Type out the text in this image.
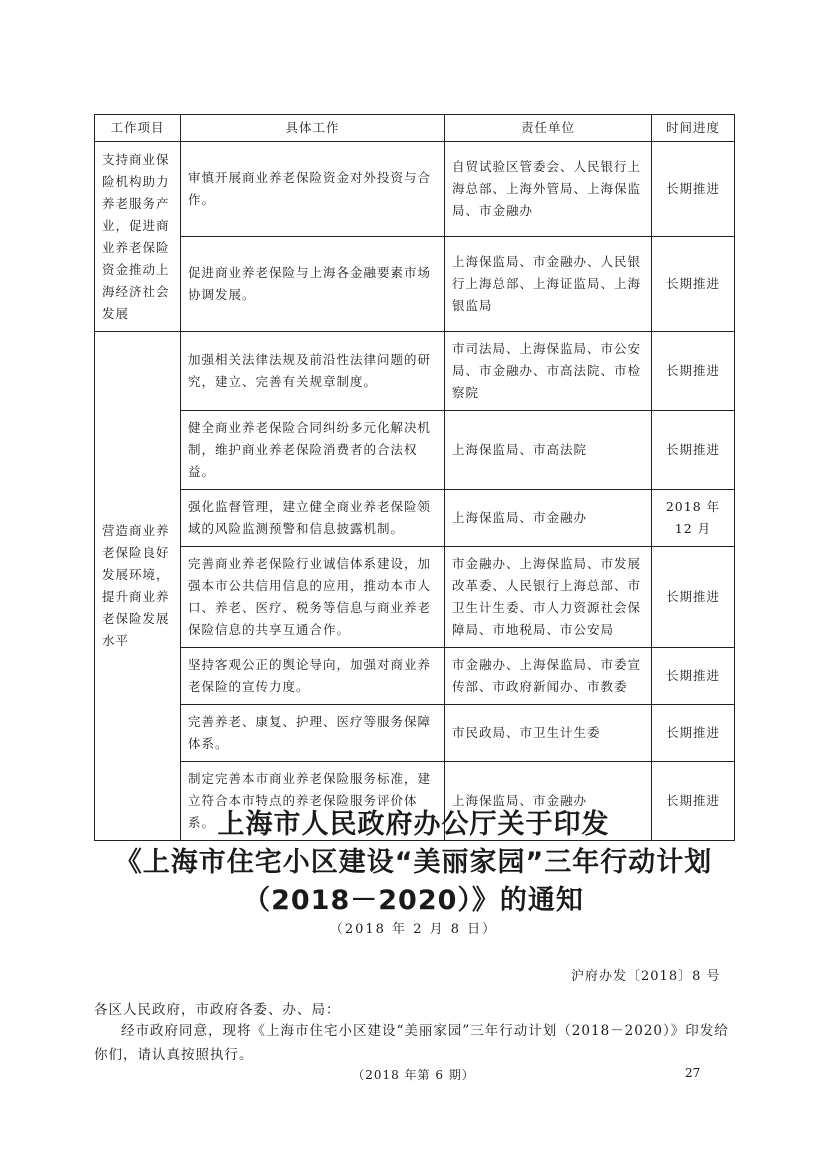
工作项目	具体工作	责任单位	时间进度
支持商业保险机构助力养老服务产业，促进商业养老保险资金推动上海经济社会发展	审慎开展商业养老保险资金对外投资与合作。	自贸试验区管委会、人民银行上海总部、上海外管局、上海保监局、市金融办	长期推进
	促进商业养老保险与上海各金融要素市场协调发展。	上海保监局、市金融办、人民银行上海总部、上海证监局、上海银监局	长期推进
营造商业养老保险良好发展环境，提升商业养老保险发展水平	加强相关法律法规及前沿性法律问题的研究，建立、完善有关规章制度。	市司法局、上海保监局、市公安局、市金融办、市高法院、市检察院	长期推进
	健全商业养老保险合同纠纷多元化解决机制，维护商业养老保险消费者的合法权益。	上海保监局、市高法院	长期推进
	强化监督管理，建立健全商业养老保险领域的风险监测预警和信息披露机制。	上海保监局、市金融办	2018 年 12 月
	完善商业养老保险行业诚信体系建设，加强本市公共信用信息的应用，推动本市人口、养老、医疗、税务等信息与商业养老保险信息的共享互通合作。	市金融办、上海保监局、市发展改革委、人民银行上海总部、市卫生计生委、市人力资源社会保障局、市地税局、市公安局	长期推进
	坚持客观公正的舆论导向，加强对商业养老保险的宣传力度。	市金融办、上海保监局、市委宣传部、市政府新闻办、市教委	长期推进
	完善养老、康复、护理、医疗等服务保障体系。	市民政局、市卫生计生委	长期推进
	制定完善本市商业养老保险服务标准，建立符合本市特点的养老保险服务评价体系。	上海保监局、市金融办	长期推进
上海市人民政府办公厅关于印发
《上海市住宅小区建设“美丽家园”三年行动计划
（2018－2020）》的通知
（2018 年 2 月 8 日）
沪府办发〔2018〕8 号
各区人民政府，市政府各委、办、局：

经市政府同意，现将《上海市住宅小区建设“美丽家园”三年行动计划（2018－2020）》印发给你们，请认真按照执行。

（2018 年第 6 期）	27
